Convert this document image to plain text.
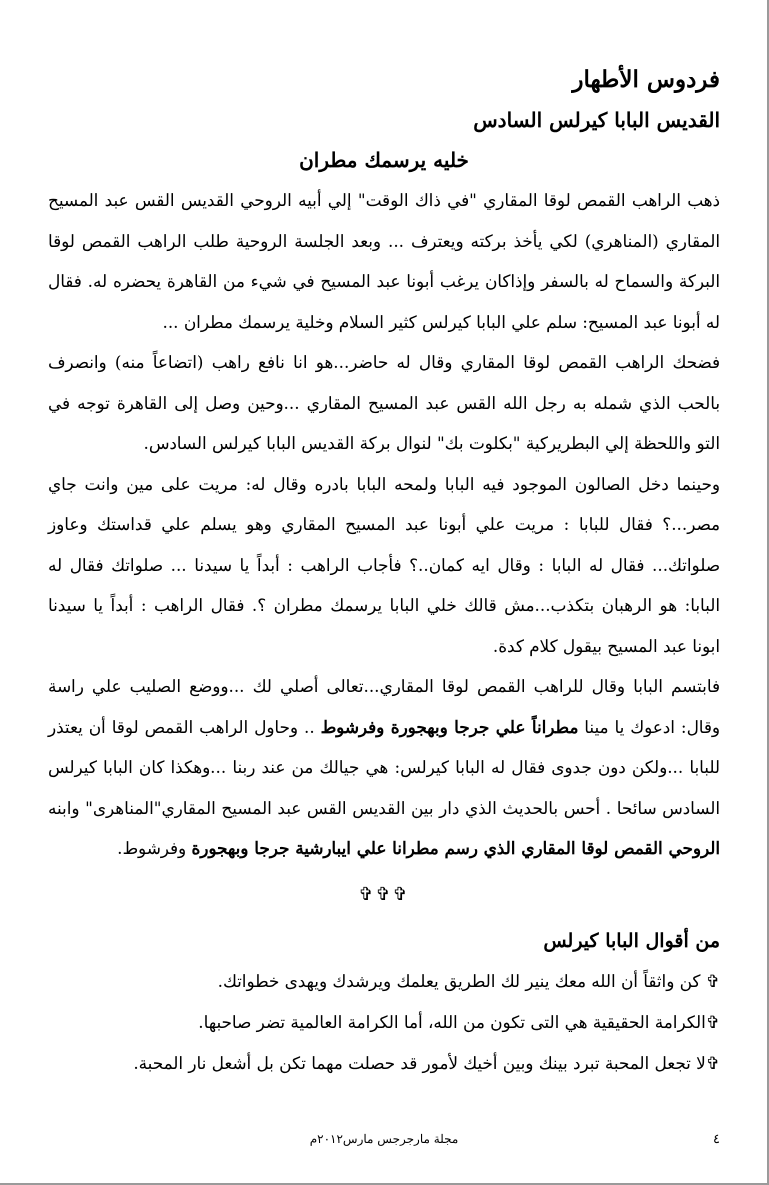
فردوس الأطهار
القديس البابا كيرلس السادس
خليه يرسمك مطران

ذهب الراهب القمص لوقا المقاري "في ذاك الوقت" إلي أبيه الروحي القديس القس عبد المسيح المقاري (المناهري) لكي يأخذ بركته ويعترف ... وبعد الجلسة الروحية طلب الراهب القمص لوقا البركة والسماح له بالسفر وإذاكان يرغب أبونا عبد المسيح في شيء من القاهرة يحضره له. فقال له أبونا عبد المسيح: سلم علي البابا كيرلس كثير السلام وخلية يرسمك مطران ...

فضحك الراهب القمص لوقا المقاري وقال له حاضر...هو انا نافع راهب (اتضاعاً منه) وانصرف بالحب الذي شمله به رجل الله القس عبد المسيح المقاري ...وحين وصل إلى القاهرة توجه في التو واللحظة إلي البطريركية "بكلوت بك" لنوال بركة القديس البابا كيرلس السادس.

وحينما دخل الصالون الموجود فيه البابا ولمحه البابا بادره وقال له: مريت على مين وانت جاي مصر...؟ فقال للبابا : مريت علي أبونا عبد المسيح المقاري وهو يسلم علي قداستك وعاوز صلواتك... فقال له البابا : وقال ايه كمان..؟ فأجاب الراهب : أبداً يا سيدنا ... صلواتك فقال له البابا: هو الرهبان بتكذب...مش قالك خلي البابا يرسمك مطران ؟. فقال الراهب : أبداً يا سيدنا ابونا عبد المسيح بيقول كلام كدة.

فابتسم البابا وقال للراهب القمص لوقا المقاري...تعالى أصلي لك ...ووضع الصليب علي راسة وقال: ادعوك يا مينا مطراناً علي جرجا وبهجورة وفرشوط .. وحاول الراهب القمص لوقا أن يعتذر للبابا ...ولكن دون جدوى فقال له البابا كيرلس: هي جيالك من عند ربنا ...وهكذا كان البابا كيرلس السادس سائحا . أحس بالحديث الذي دار بين القديس القس عبد المسيح المقاري"المناهرى" وابنه الروحي القمص لوقا المقاري الذي رسم مطرانا علي ايبارشية جرجا وبهجورة وفرشوط.

✞✞✞
من أقوال البابا كيرلس

✞ كن واثقاً أن الله معك ينير لك الطريق يعلمك ويرشدك ويهدى خطواتك.

✞الكرامة الحقيقية هي التى تكون من الله، أما الكرامة العالمية تضر صاحبها.

✞لا تجعل المحبة تبرد بينك وبين أخيك لأمور قد حصلت مهما تكن بل أشعل نار المحبة.

٤
مجلة مارجرجس مارس٢٠١٢م
